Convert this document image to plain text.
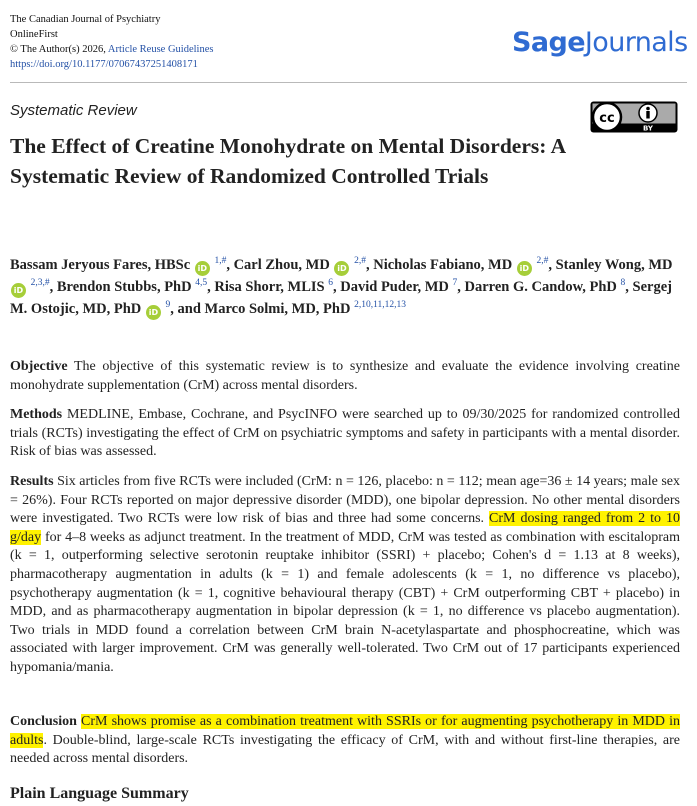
The Canadian Journal of Psychiatry
OnlineFirst
© The Author(s) 2026, Article Reuse Guidelines
https://doi.org/10.1177/07067437251408171
SageJournals
Systematic Review	cc
BY
The Effect of Creatine Monohydrate on Mental Disorders: A Systematic Review of Randomized Controlled Trials
Bassam Jeryous Fares, HBSc iD $^{1,\#}$, Carl Zhou, MD iD $^{2,\#}$, Nicholas Fabiano, MD iD $^{2,\#}$, Stanley Wong, MD iD $^{2,3,\#}$, Brendon Stubbs, PhD $^{4,5}$, Risa Shorr, MLIS $^6$, David Puder, MD $^7$, Darren G. Candow, PhD $^8$, Sergej M. Ostojic, MD, PhD iD $^9$, and Marco Solmi, MD, PhD $^{2,10,11,12,13}$
Objective The objective of this systematic review is to synthesize and evaluate the evidence involving creatine monohydrate supplementation (CrM) across mental disorders.
Methods MEDLINE, Embase, Cochrane, and PsycINFO were searched up to 09/30/2025 for randomized controlled trials (RCTs) investigating the effect of CrM on psychiatric symptoms and safety in participants with a mental disorder. Risk of bias was assessed.
Results Six articles from five RCTs were included (CrM: n = 126, placebo: n = 112; mean age=36 ± 14 years; male sex = 26%). Four RCTs reported on major depressive disorder (MDD), one bipolar depression. No other mental disorders were investigated. Two RCTs were low risk of bias and three had some concerns. CrM dosing ranged from 2 to 10 g/day for 4–8 weeks as adjunct treatment. In the treatment of MDD, CrM was tested as combination with escitalopram (k = 1, outperforming selective serotonin reuptake inhibitor (SSRI) + placebo; Cohen's d = 1.13 at 8 weeks), pharmacotherapy augmentation in adults (k = 1) and female adolescents (k = 1, no difference vs placebo), psychotherapy augmentation (k = 1, cognitive behavioural therapy (CBT) + CrM outperforming CBT + placebo) in MDD, and as pharmacotherapy augmentation in bipolar depression (k = 1, no difference vs placebo augmentation). Two trials in MDD found a correlation between CrM brain N-acetylaspartate and phosphocreatine, which was associated with larger improvement. CrM was generally well-tolerated. Two CrM out of 17 participants experienced hypomania/mania.
Conclusion CrM shows promise as a combination treatment with SSRIs or for augmenting psychotherapy in MDD in adults. Double-blind, large-scale RCTs investigating the efficacy of CrM, with and without first-line therapies, are needed across mental disorders.
Plain Language Summary
